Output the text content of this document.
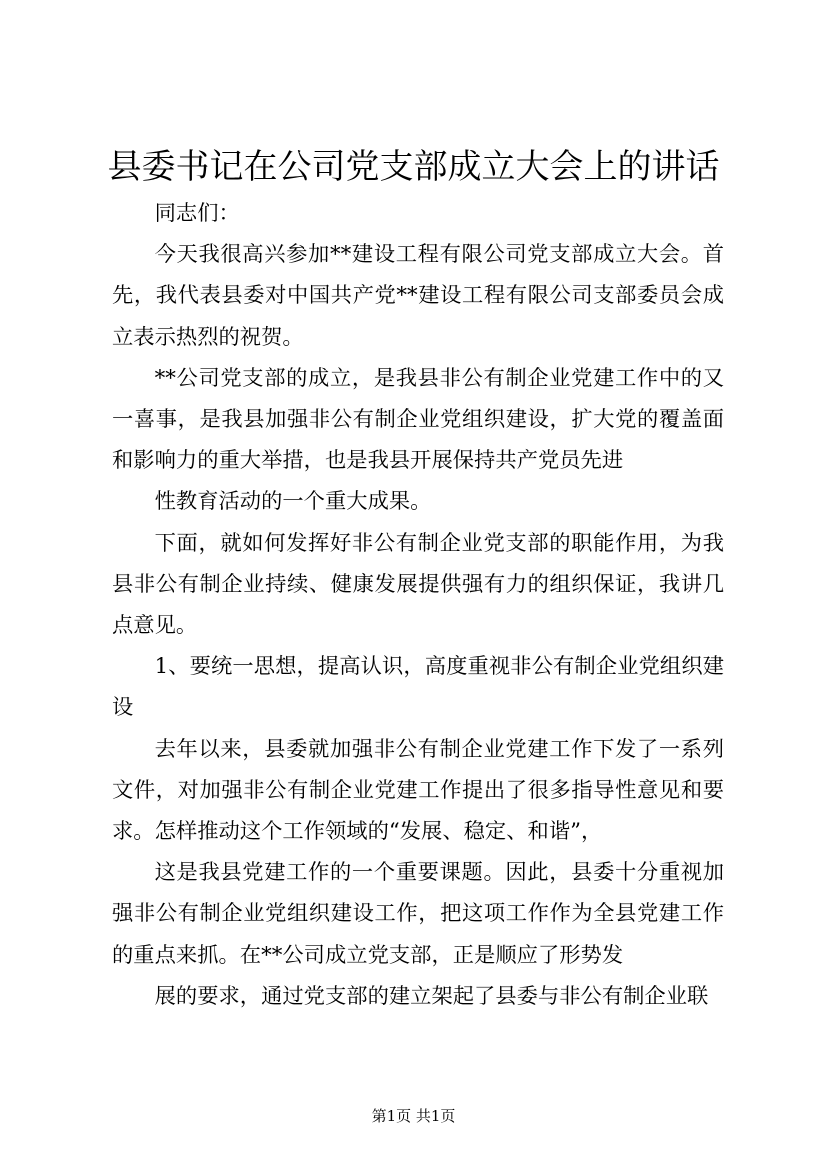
县委书记在公司党支部成立大会上的讲话

同志们：

今天我很高兴参加**建设工程有限公司党支部成立大会。首先，我代表县委对中国共产党**建设工程有限公司支部委员会成立表示热烈的祝贺。

**公司党支部的成立，是我县非公有制企业党建工作中的又一喜事，是我县加强非公有制企业党组织建设，扩大党的覆盖面和影响力的重大举措，也是我县开展保持共产党员先进

性教育活动的一个重大成果。

下面，就如何发挥好非公有制企业党支部的职能作用，为我县非公有制企业持续、健康发展提供强有力的组织保证，我讲几点意见。

1、要统一思想，提高认识，高度重视非公有制企业党组织建设

去年以来，县委就加强非公有制企业党建工作下发了一系列文件，对加强非公有制企业党建工作提出了很多指导性意见和要求。怎样推动这个工作领域的“发展、稳定、和谐”，

这是我县党建工作的一个重要课题。因此，县委十分重视加强非公有制企业党组织建设工作，把这项工作作为全县党建工作的重点来抓。在**公司成立党支部，正是顺应了形势发

展的要求，通过党支部的建立架起了县委与非公有制企业联

第1页 共1页
